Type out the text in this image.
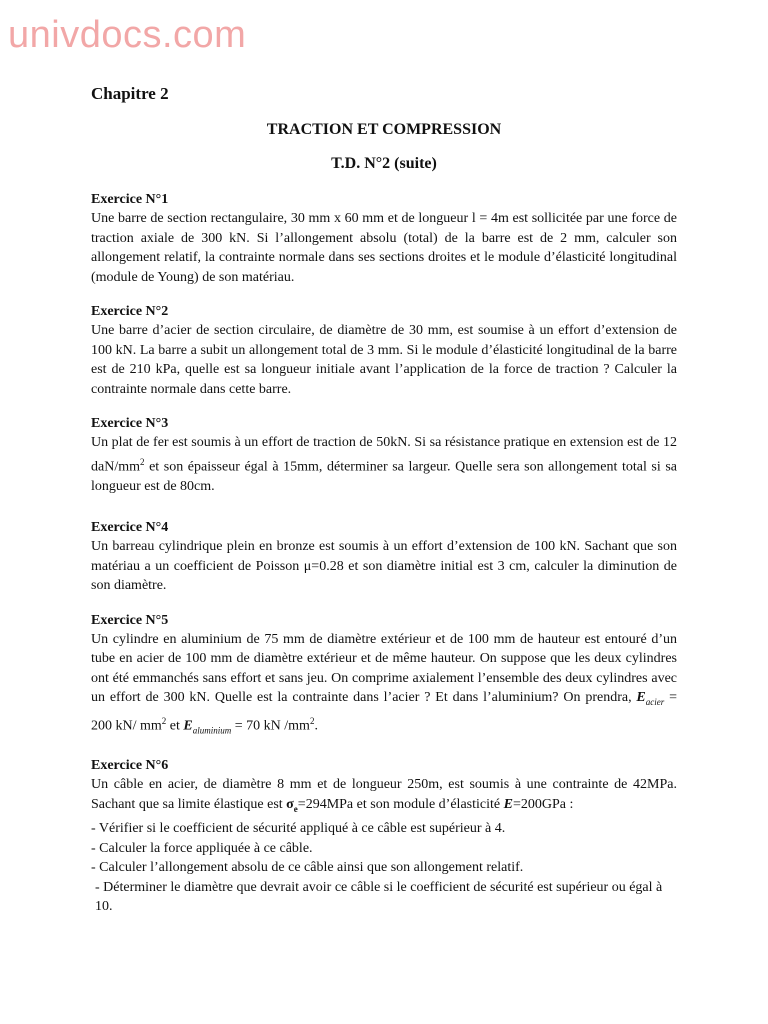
univdocs.com
Chapitre 2
TRACTION ET COMPRESSION
T.D. N°2 (suite)
Exercice N°1
Une barre de section rectangulaire, 30 mm x 60 mm et de longueur l = 4m est sollicitée par une force de traction axiale de 300 kN. Si l’allongement absolu (total) de la barre est de 2 mm, calculer son allongement relatif, la contrainte normale dans ses sections droites et le module d’élasticité longitudinal (module de Young) de son matériau.
Exercice N°2
Une barre d’acier de section circulaire, de diamètre de 30 mm, est soumise à un effort d’extension de 100 kN. La barre a subit un allongement total de 3 mm. Si le module d’élasticité longitudinal de la barre est de 210 kPa, quelle est sa longueur initiale avant l’application de la force de traction ? Calculer la contrainte normale dans cette barre.
Exercice N°3
Un plat de fer est soumis à un effort de traction de 50kN. Si sa résistance pratique en extension est de 12 daN/$mm^2$ et son épaisseur égal à 15mm, déterminer sa largeur. Quelle sera son allongement total si sa longueur est de 80cm.
Exercice N°4
Un barreau cylindrique plein en bronze est soumis à un effort d’extension de 100 kN. Sachant que son matériau a un coefficient de Poisson μ=0.28 et son diamètre initial est 3 cm, calculer la diminution de son diamètre.
Exercice N°5
Un cylindre en aluminium de 75 mm de diamètre extérieur et de 100 mm de hauteur est entouré d’un tube en acier de 100 mm de diamètre extérieur et de même hauteur. On suppose que les deux cylindres ont été emmanchés sans effort et sans jeu. On comprime axialement l’ensemble des deux cylindres avec un effort de 300 kN. Quelle est la contrainte dans l’acier ? Et dans l’aluminium? On prendra, $E_{acier} = 200$ kN/ $mm^2$ et $E_{aluminium} = 70$ kN $/mm^2$.
Exercice N°6
Un câble en acier, de diamètre 8 mm et de longueur 250m, est soumis à une contrainte de 42MPa. Sachant que sa limite élastique est $\sigma_e=294MPa$ et son module d’élasticité E=200GPa :
- Vérifier si le coefficient de sécurité appliqué à ce câble est supérieur à 4.
- Calculer la force appliquée à ce câble.
- Calculer l’allongement absolu de ce câble ainsi que son allongement relatif.
- Déterminer le diamètre que devrait avoir ce câble si le coefficient de sécurité est supérieur ou égal à 10.
